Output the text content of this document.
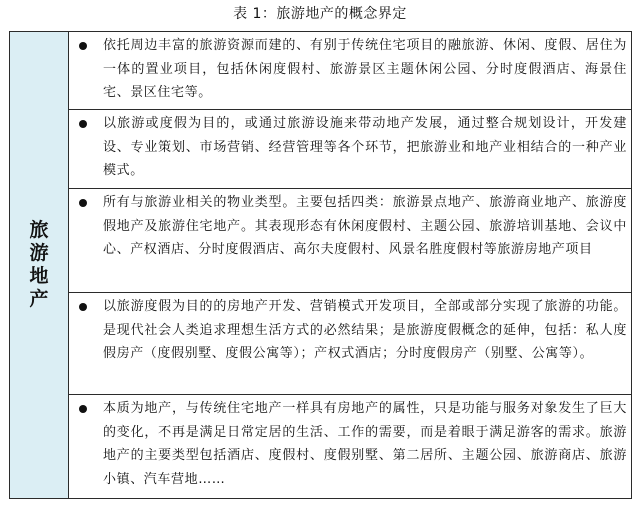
表 1：旅游地产的概念界定
旅游地产	
依托周边丰富的旅游资源而建的、有别于传统住宅项目的融旅游、休闲、度假、居住为一体的置业项目，包括休闲度假村、旅游景区主题休闲公园、分时度假酒店、海景住宅、景区住宅等。

以旅游或度假为目的，或通过旅游设施来带动地产发展，通过整合规划设计，开发建设、专业策划、市场营销、经营管理等各个环节，把旅游业和地产业相结合的一种产业模式。

所有与旅游业相关的物业类型。主要包括四类：旅游景点地产、旅游商业地产、旅游度假地产及旅游住宅地产。其表现形态有休闲度假村、主题公园、旅游培训基地、会议中心、产权酒店、分时度假酒店、高尔夫度假村、风景名胜度假村等旅游房地产项目

以旅游度假为目的的房地产开发、营销模式开发项目，全部或部分实现了旅游的功能。是现代社会人类追求理想生活方式的必然结果；是旅游度假概念的延伸，包括：私人度假房产（度假别墅、度假公寓等）；产权式酒店；分时度假房产（别墅、公寓等）。

本质为地产，与传统住宅地产一样具有房地产的属性，只是功能与服务对象发生了巨大的变化，不再是满足日常定居的生活、工作的需要，而是着眼于满足游客的需求。旅游地产的主要类型包括酒店、度假村、度假别墅、第二居所、主题公园、旅游商店、旅游小镇、汽车营地……
